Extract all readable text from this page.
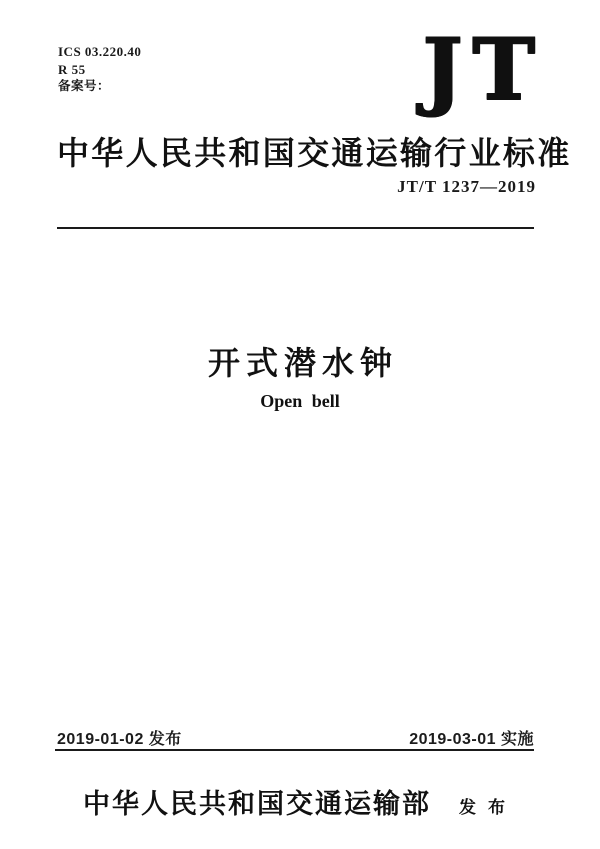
ICS 03.220.40
R 55
备案号：	JT
中华人民共和国交通运输行业标准
JT/T 1237—2019
开式潜水钟
Open bell
2019-01-02 发布	2019-03-01 实施
中华人民共和国交通运输部 发布
